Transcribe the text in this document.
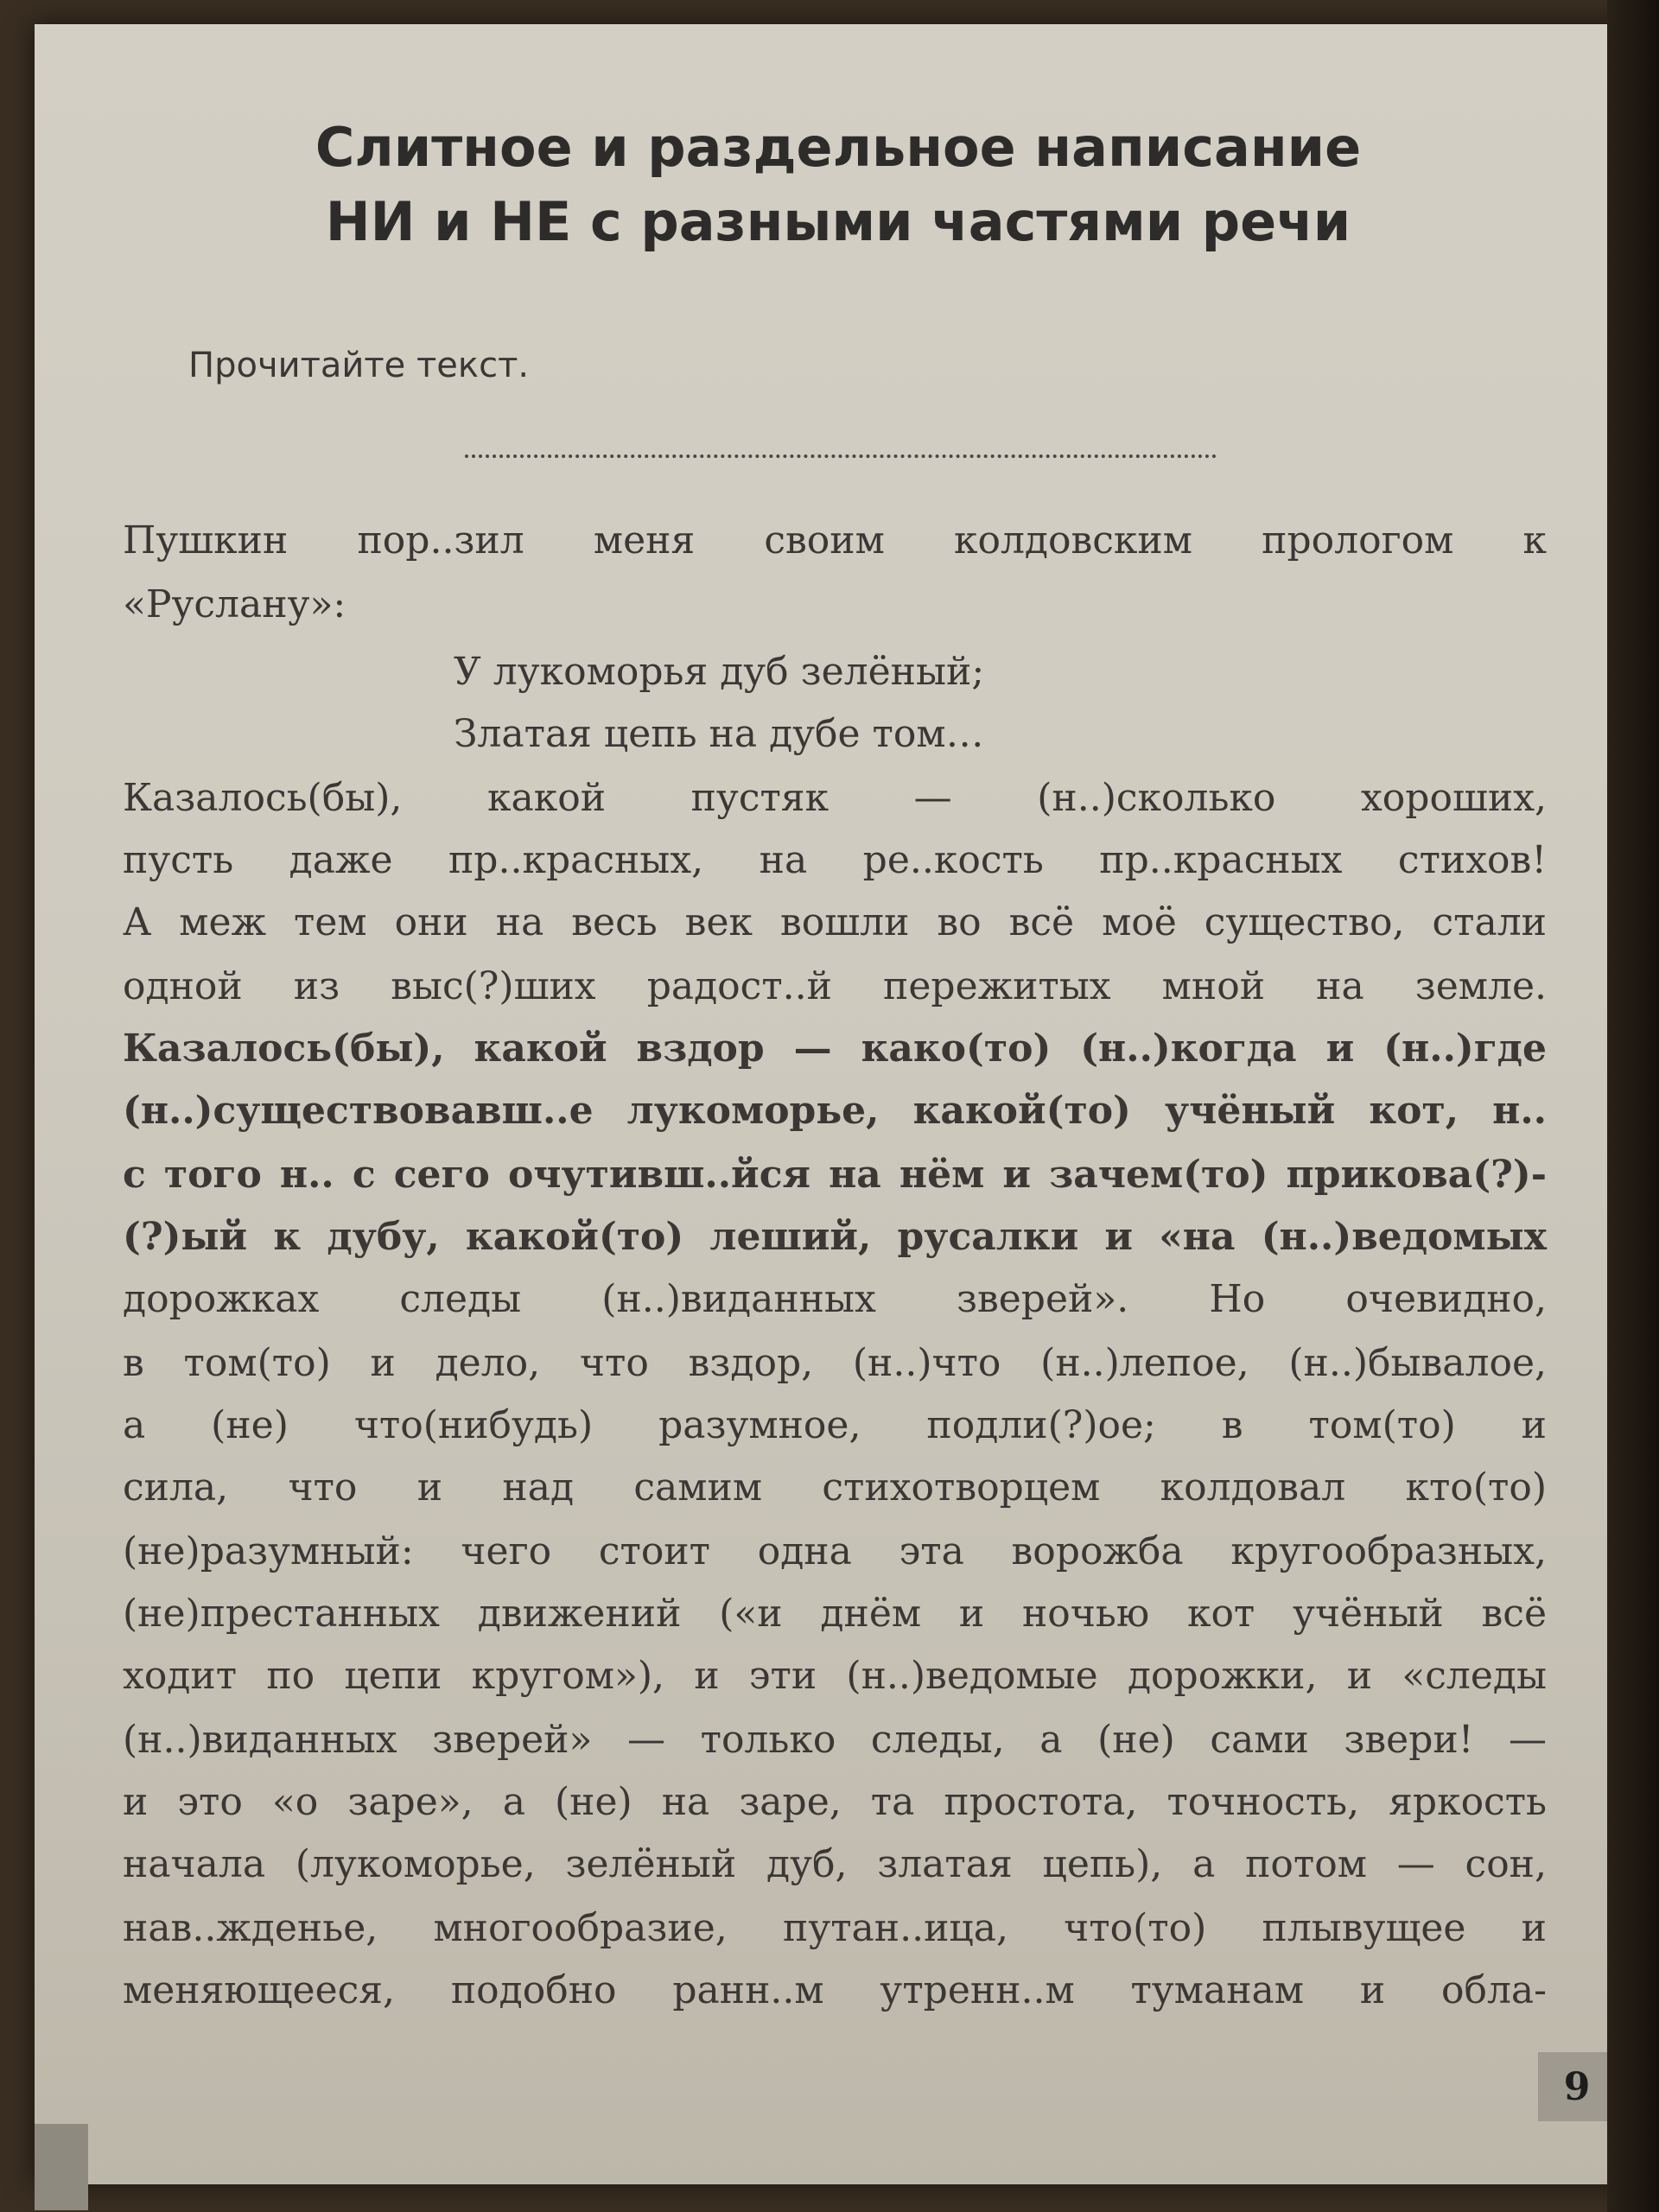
Слитное и раздельное написание
НИ и НЕ с разными частями речи
Прочитайте текст.
Пушкин пор..зил меня своим колдовским прологом к
«Руслану»:
У лукоморья дуб зелёный;
Златая цепь на дубе том…
Казалось(бы), какой пустяк — (н..)сколько хороших,
пусть даже пр..красных, на ре..кость пр..красных стихов!
А меж тем они на весь век вошли во всё моё существо, стали
одной из выс(?)ших радост..й пережитых мной на земле.
Казалось(бы), какой вздор — како(то) (н..)когда и (н..)где
(н..)существовавш..е лукоморье, какой(то) учёный кот, н..
с того н.. с сего очутивш..йся на нём и зачем(то) прикова(?)-
(?)ый к дубу, какой(то) леший, русалки и «на (н..)ведомых
дорожках следы (н..)виданных зверей». Но очевидно,
в том(то) и дело, что вздор, (н..)что (н..)лепое, (н..)бывалое,
а (не) что(нибудь) разумное, подли(?)ое; в том(то) и
сила, что и над самим стихотворцем колдовал кто(то)
(не)разумный: чего стоит одна эта ворожба кругообразных,
(не)престанных движений («и днём и ночью кот учёный всё
ходит по цепи кругом»), и эти (н..)ведомые дорожки, и «следы
(н..)виданных зверей» — только следы, а (не) сами звери! —
и это «о заре», а (не) на заре, та простота, точность, яркость
начала (лукоморье, зелёный дуб, златая цепь), а потом — сон,
нав..жденье, многообразие, путан..ица, что(то) плывущее и
меняющееся, подобно ранн..м утренн..м туманам и обла-
9
